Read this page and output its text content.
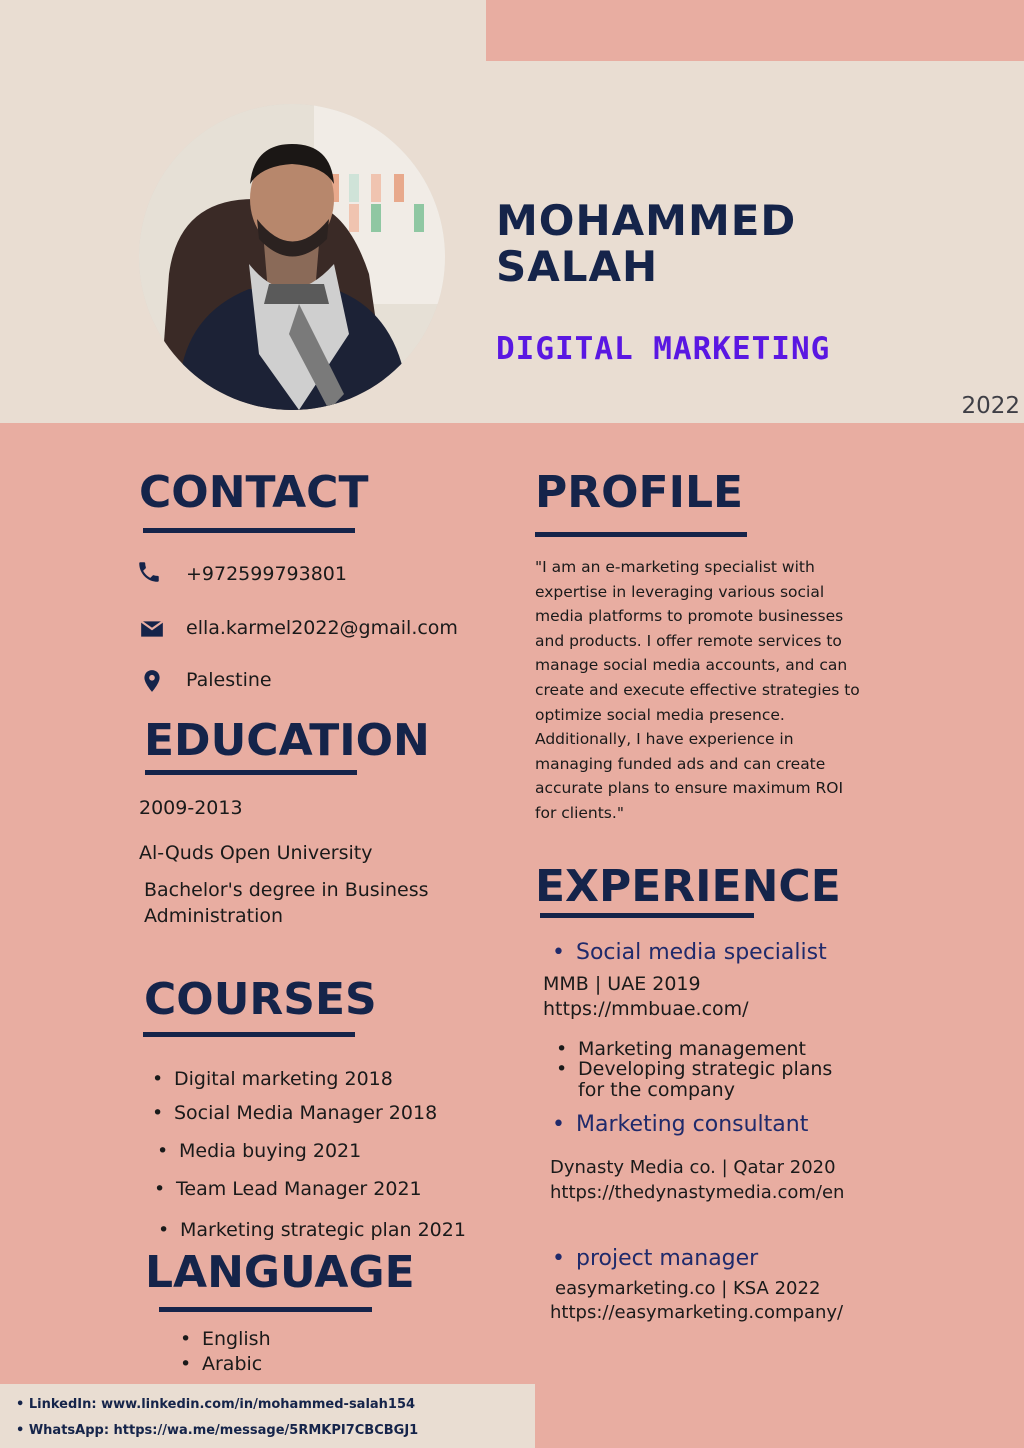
MOHAMMED
SALAH
DIGITAL MARKETING
2022
CONTACT
+972599793801
ella.karmel2022@gmail.com
Palestine
EDUCATION
2009-2013
Al-Quds Open University
Bachelor's degree in Business
Administration
COURSES
• Digital marketing 2018
• Social Media Manager 2018
• Media buying 2021
• Team Lead Manager 2021
• Marketing strategic plan 2021
LANGUAGE
• English
• Arabic
PROFILE
"I am an e-marketing specialist with expertise in leveraging various social media platforms to promote businesses and products. I offer remote services to manage social media accounts, and can create and execute effective strategies to optimize social media presence. Additionally, I have experience in managing funded ads and can create accurate plans to ensure maximum ROI for clients."
EXPERIENCE
• Social media specialist
MMB | UAE 2019
https://mmbuae.com/
• Marketing management
• Developing strategic plans
for the company
• Marketing consultant
Dynasty Media co. | Qatar 2020
https://thedynastymedia.com/en
• project manager
easymarketing.co | KSA 2022
https://easymarketing.company/
• LinkedIn: www.linkedin.com/in/mohammed-salah154
• WhatsApp: https://wa.me/message/5RMKPI7CBCBGJ1
